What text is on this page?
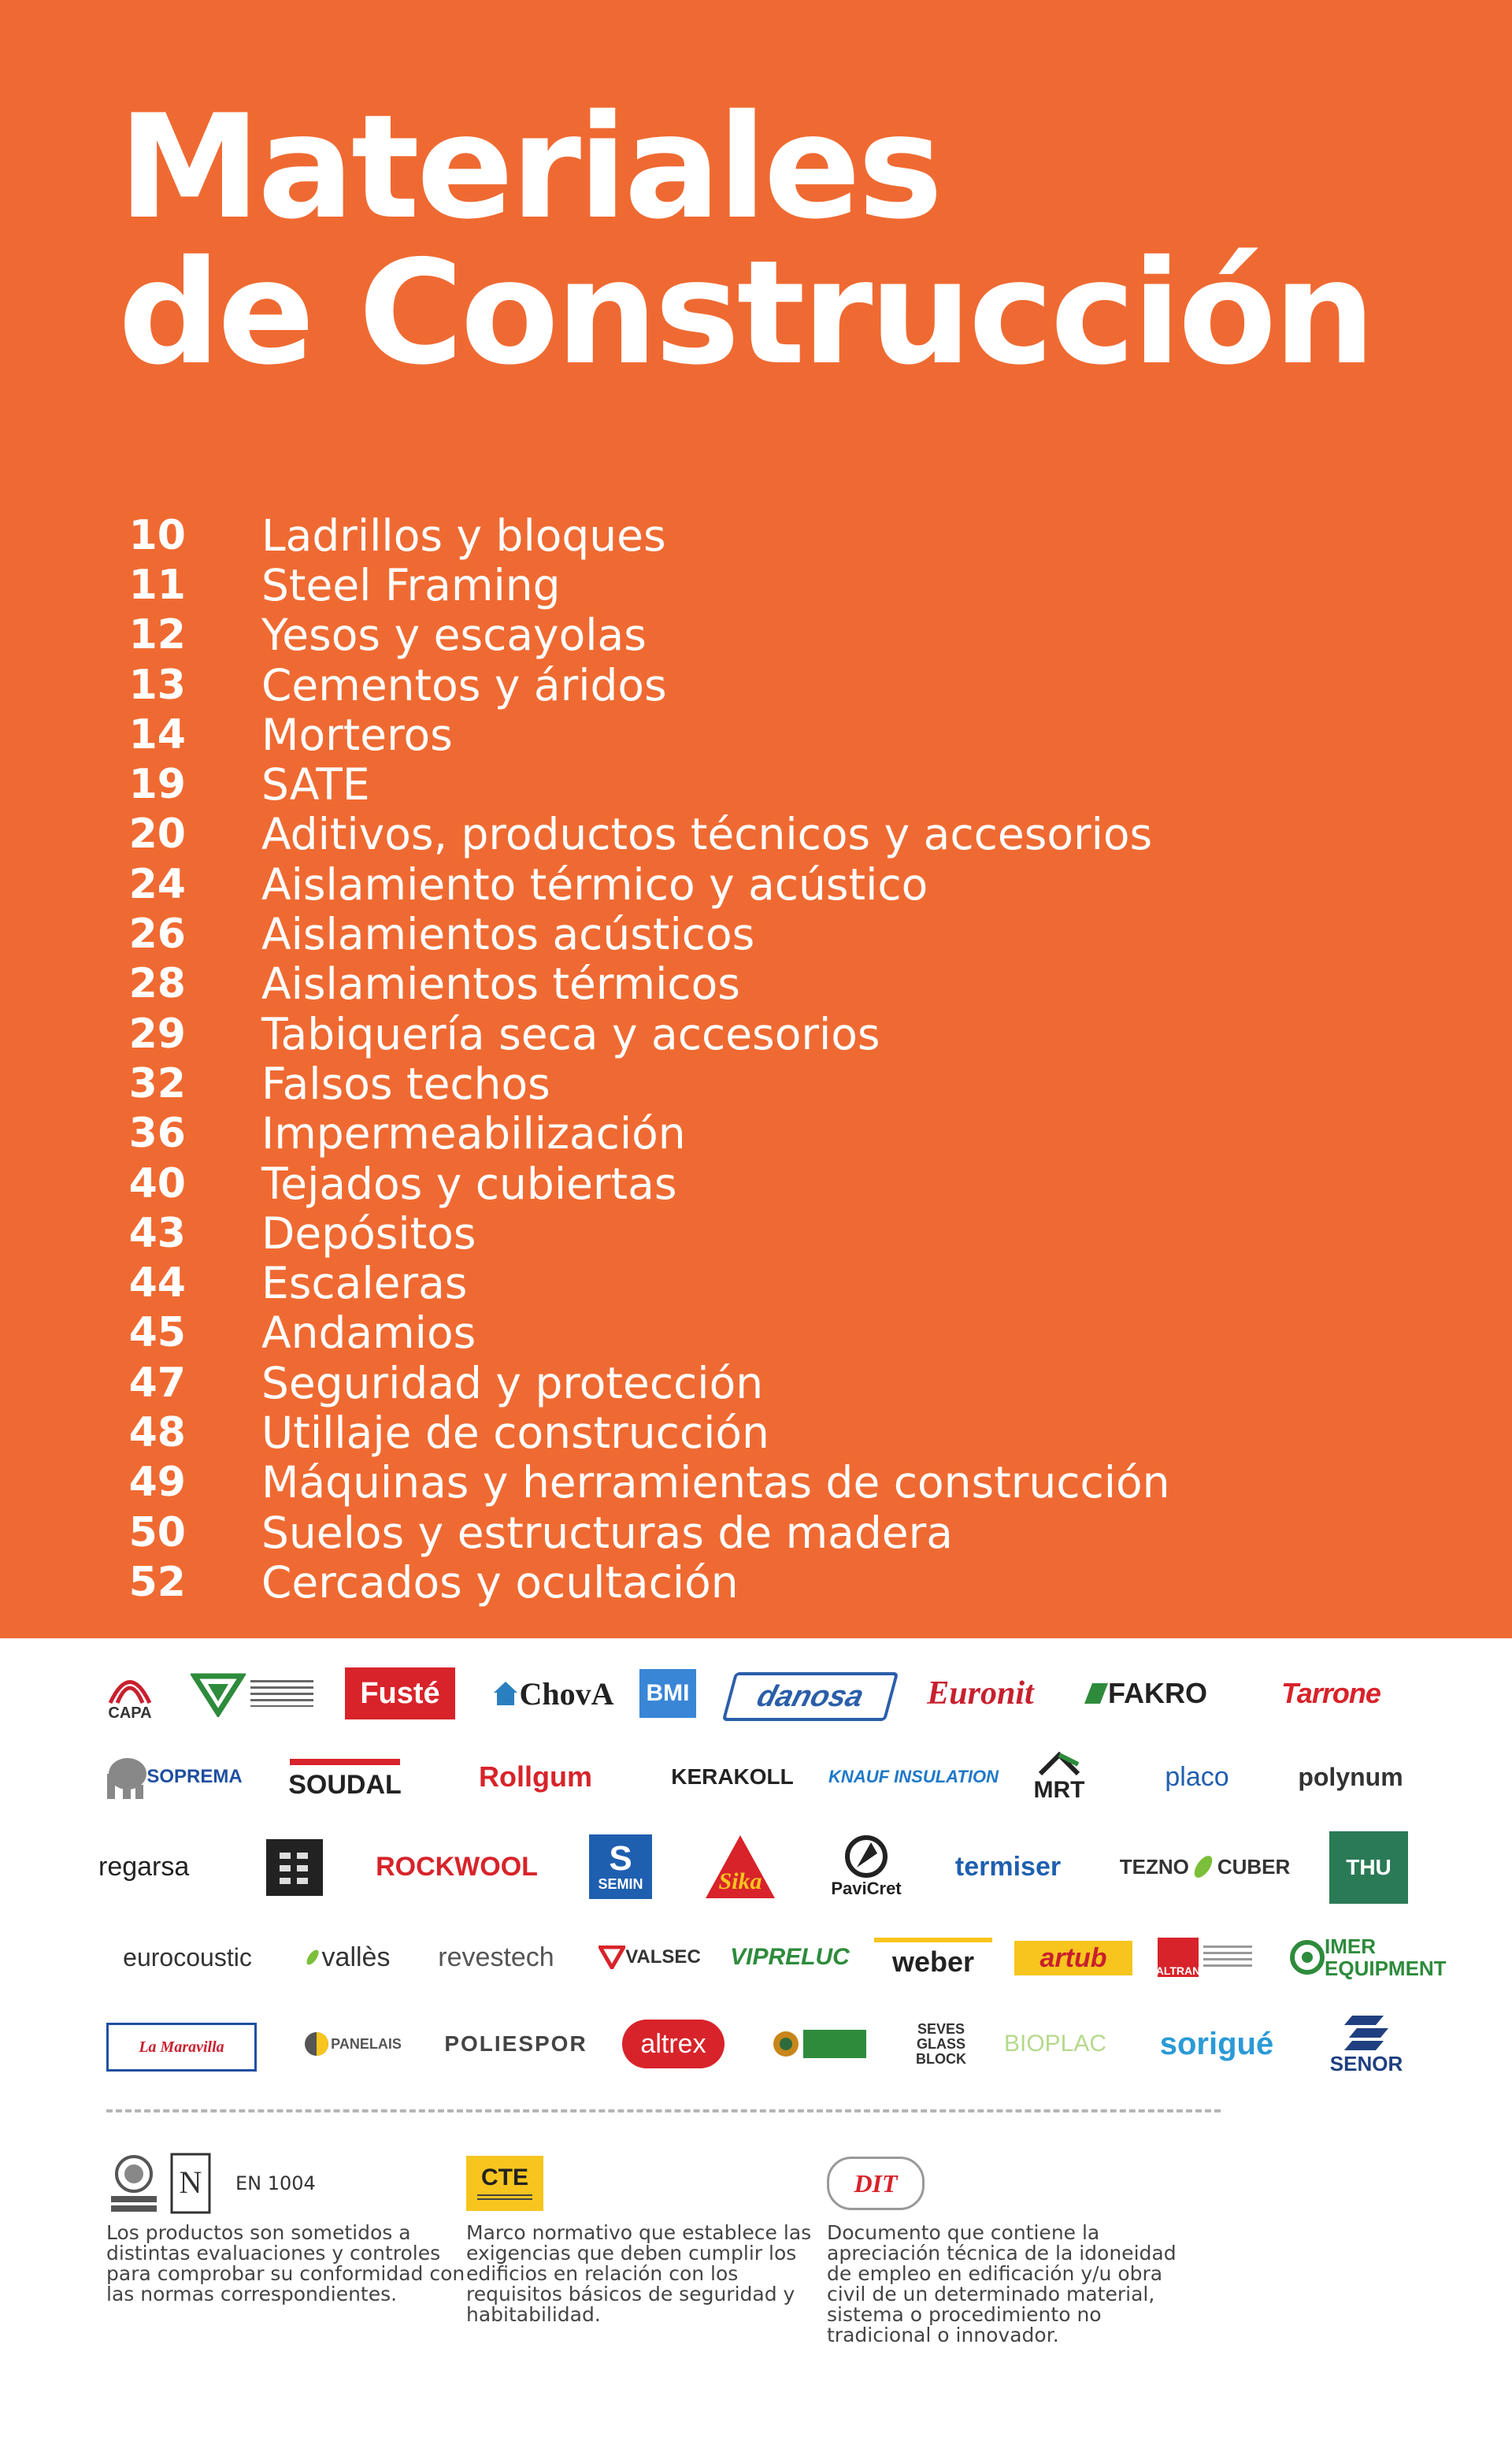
Materiales
de Construcción
10 Ladrillos y bloques
11 Steel Framing
12 Yesos y escayolas
13 Cementos y áridos
14 Morteros
19 SATE
20 Aditivos, productos técnicos y accesorios
24 Aislamiento térmico y acústico
26 Aislamientos acústicos
28 Aislamientos térmicos
29 Tabiquería seca y accesorios
32 Falsos techos
36 Impermeabilización
40 Tejados y cubiertas
43 Depósitos
44 Escaleras
45 Andamios
47 Seguridad y protección
48 Utillaje de construcción
49 Máquinas y herramientas de construcción
50 Suelos y estructuras de madera
52 Cercados y ocultación
CAPA
Fusté	ChovA BMI	danosa	Euronit	FAKRO	Tarrone
SOPREMA SOUDAL	Rollgum	KERAKOLL	KNAUF INSULATION
MRT	placo	polynum
regarsa	ROCKWOOL S
SEMIN	Sika	PaviCret
termiser	TEZNO CUBER	THU
eurocoustic	vallès	revestech	VALSEC VIPRELUC	weber	artub	ALTRAN
IMER EQUIPMENT
La Maravilla	PANELAIS POLIESPOR	altrex	SEVES GLASS BLOCK
BIOPLAC	sorigué
SENOR
N EN 1004
Los productos son sometidos a distintas evaluaciones y controles para comprobar su conformidad con las normas correspondientes.
CTE
Marco normativo que establece las exigencias que deben cumplir los edificios en relación con los requisitos básicos de seguridad y habitabilidad.
DIT
Documento que contiene la apreciación técnica de la idoneidad de empleo en edificación y/u obra civil de un determinado material, sistema o procedimiento no tradicional o innovador.
